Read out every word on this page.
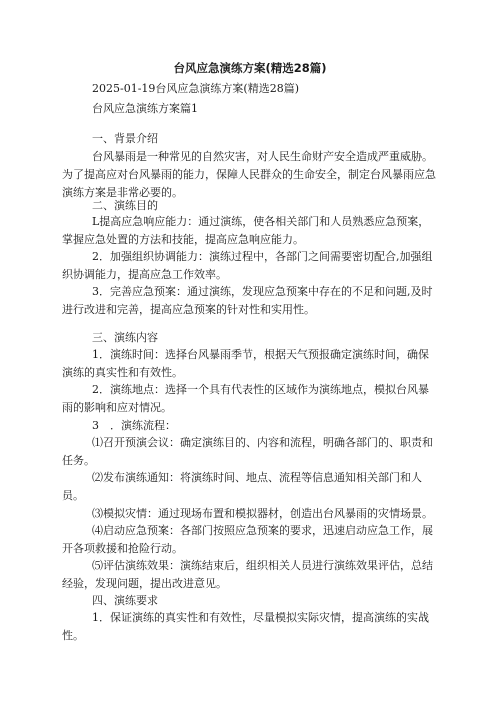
台风应急演练方案(精选28篇)
2025-01-19台风应急演练方案(精选28篇)
台风应急演练方案篇1
一、背景介绍
台风暴雨是一种常见的自然灾害，对人民生命财产安全造成严重威胁。为了提高应对台风暴雨的能力，保障人民群众的生命安全，制定台风暴雨应急演练方案是非常必要的。
二、演练目的
L提高应急响应能力：通过演练，使各相关部门和人员熟悉应急预案，掌握应急处置的方法和技能，提高应急响应能力。
2．加强组织协调能力：演练过程中，各部门之间需要密切配合,加强组织协调能力，提高应急工作效率。
3．完善应急预案：通过演练，发现应急预案中存在的不足和问题,及时进行改进和完善，提高应急预案的针对性和实用性。
三、演练内容
1．演练时间：选择台风暴雨季节，根据天气预报确定演练时间，确保演练的真实性和有效性。
2．演练地点：选择一个具有代表性的区域作为演练地点，模拟台风暴雨的影响和应对情况。
3　．演练流程：
⑴召开预演会议：确定演练目的、内容和流程，明确各部门的、职责和任务。
⑵发布演练通知：将演练时间、地点、流程等信息通知相关部门和人员。
⑶模拟灾情：通过现场布置和模拟器材，创造出台风暴雨的灾情场景。
⑷启动应急预案：各部门按照应急预案的要求，迅速启动应急工作，展开各项救援和抢险行动。
⑸评估演练效果：演练结束后，组织相关人员进行演练效果评估，总结经验，发现问题，提出改进意见。
四、演练要求
1．保证演练的真实性和有效性，尽量模拟实际灾情，提高演练的实战性。
